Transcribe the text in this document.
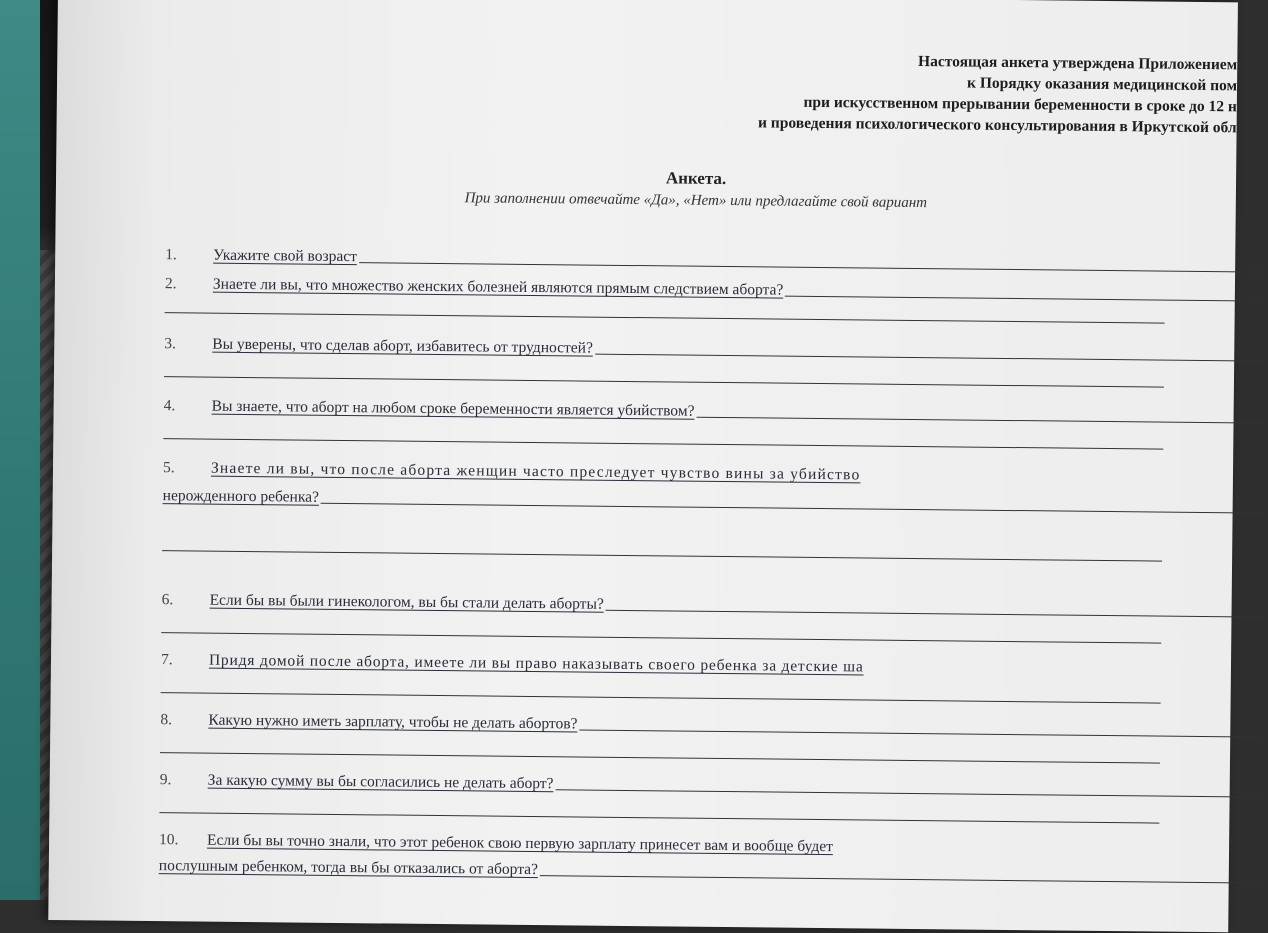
Настоящая анкета утверждена Приложением
к Порядку оказания медицинской пом
при искусственном прерывании беременности в сроке до 12 н
и проведения психологического консультирования в Иркутской обл
Анкета.
При заполнении отвечайте «Да», «Нет» или предлагайте свой вариант
1.	Укажите свой возраст
2.	Знаете ли вы, что множество женских болезней являются прямым следствием аборта?
3.	Вы уверены, что сделав аборт, избавитесь от трудностей?
4.	Вы знаете, что аборт на любом сроке беременности является убийством?
5.	Знаете ли вы, что после аборта женщин часто преследует чувство вины за убийство
нерожденного ребенка?
6.	Если бы вы были гинекологом, вы бы стали делать аборты?
7.	Придя домой после аборта, имеете ли вы право наказывать своего ребенка за детские ша
8.	Какую нужно иметь зарплату, чтобы не делать абортов?
9.	За какую сумму вы бы согласились не делать аборт?
10.	Если бы вы точно знали, что этот ребенок свою первую зарплату принесет вам и вообще будет
послушным ребенком, тогда вы бы отказались от аборта?
